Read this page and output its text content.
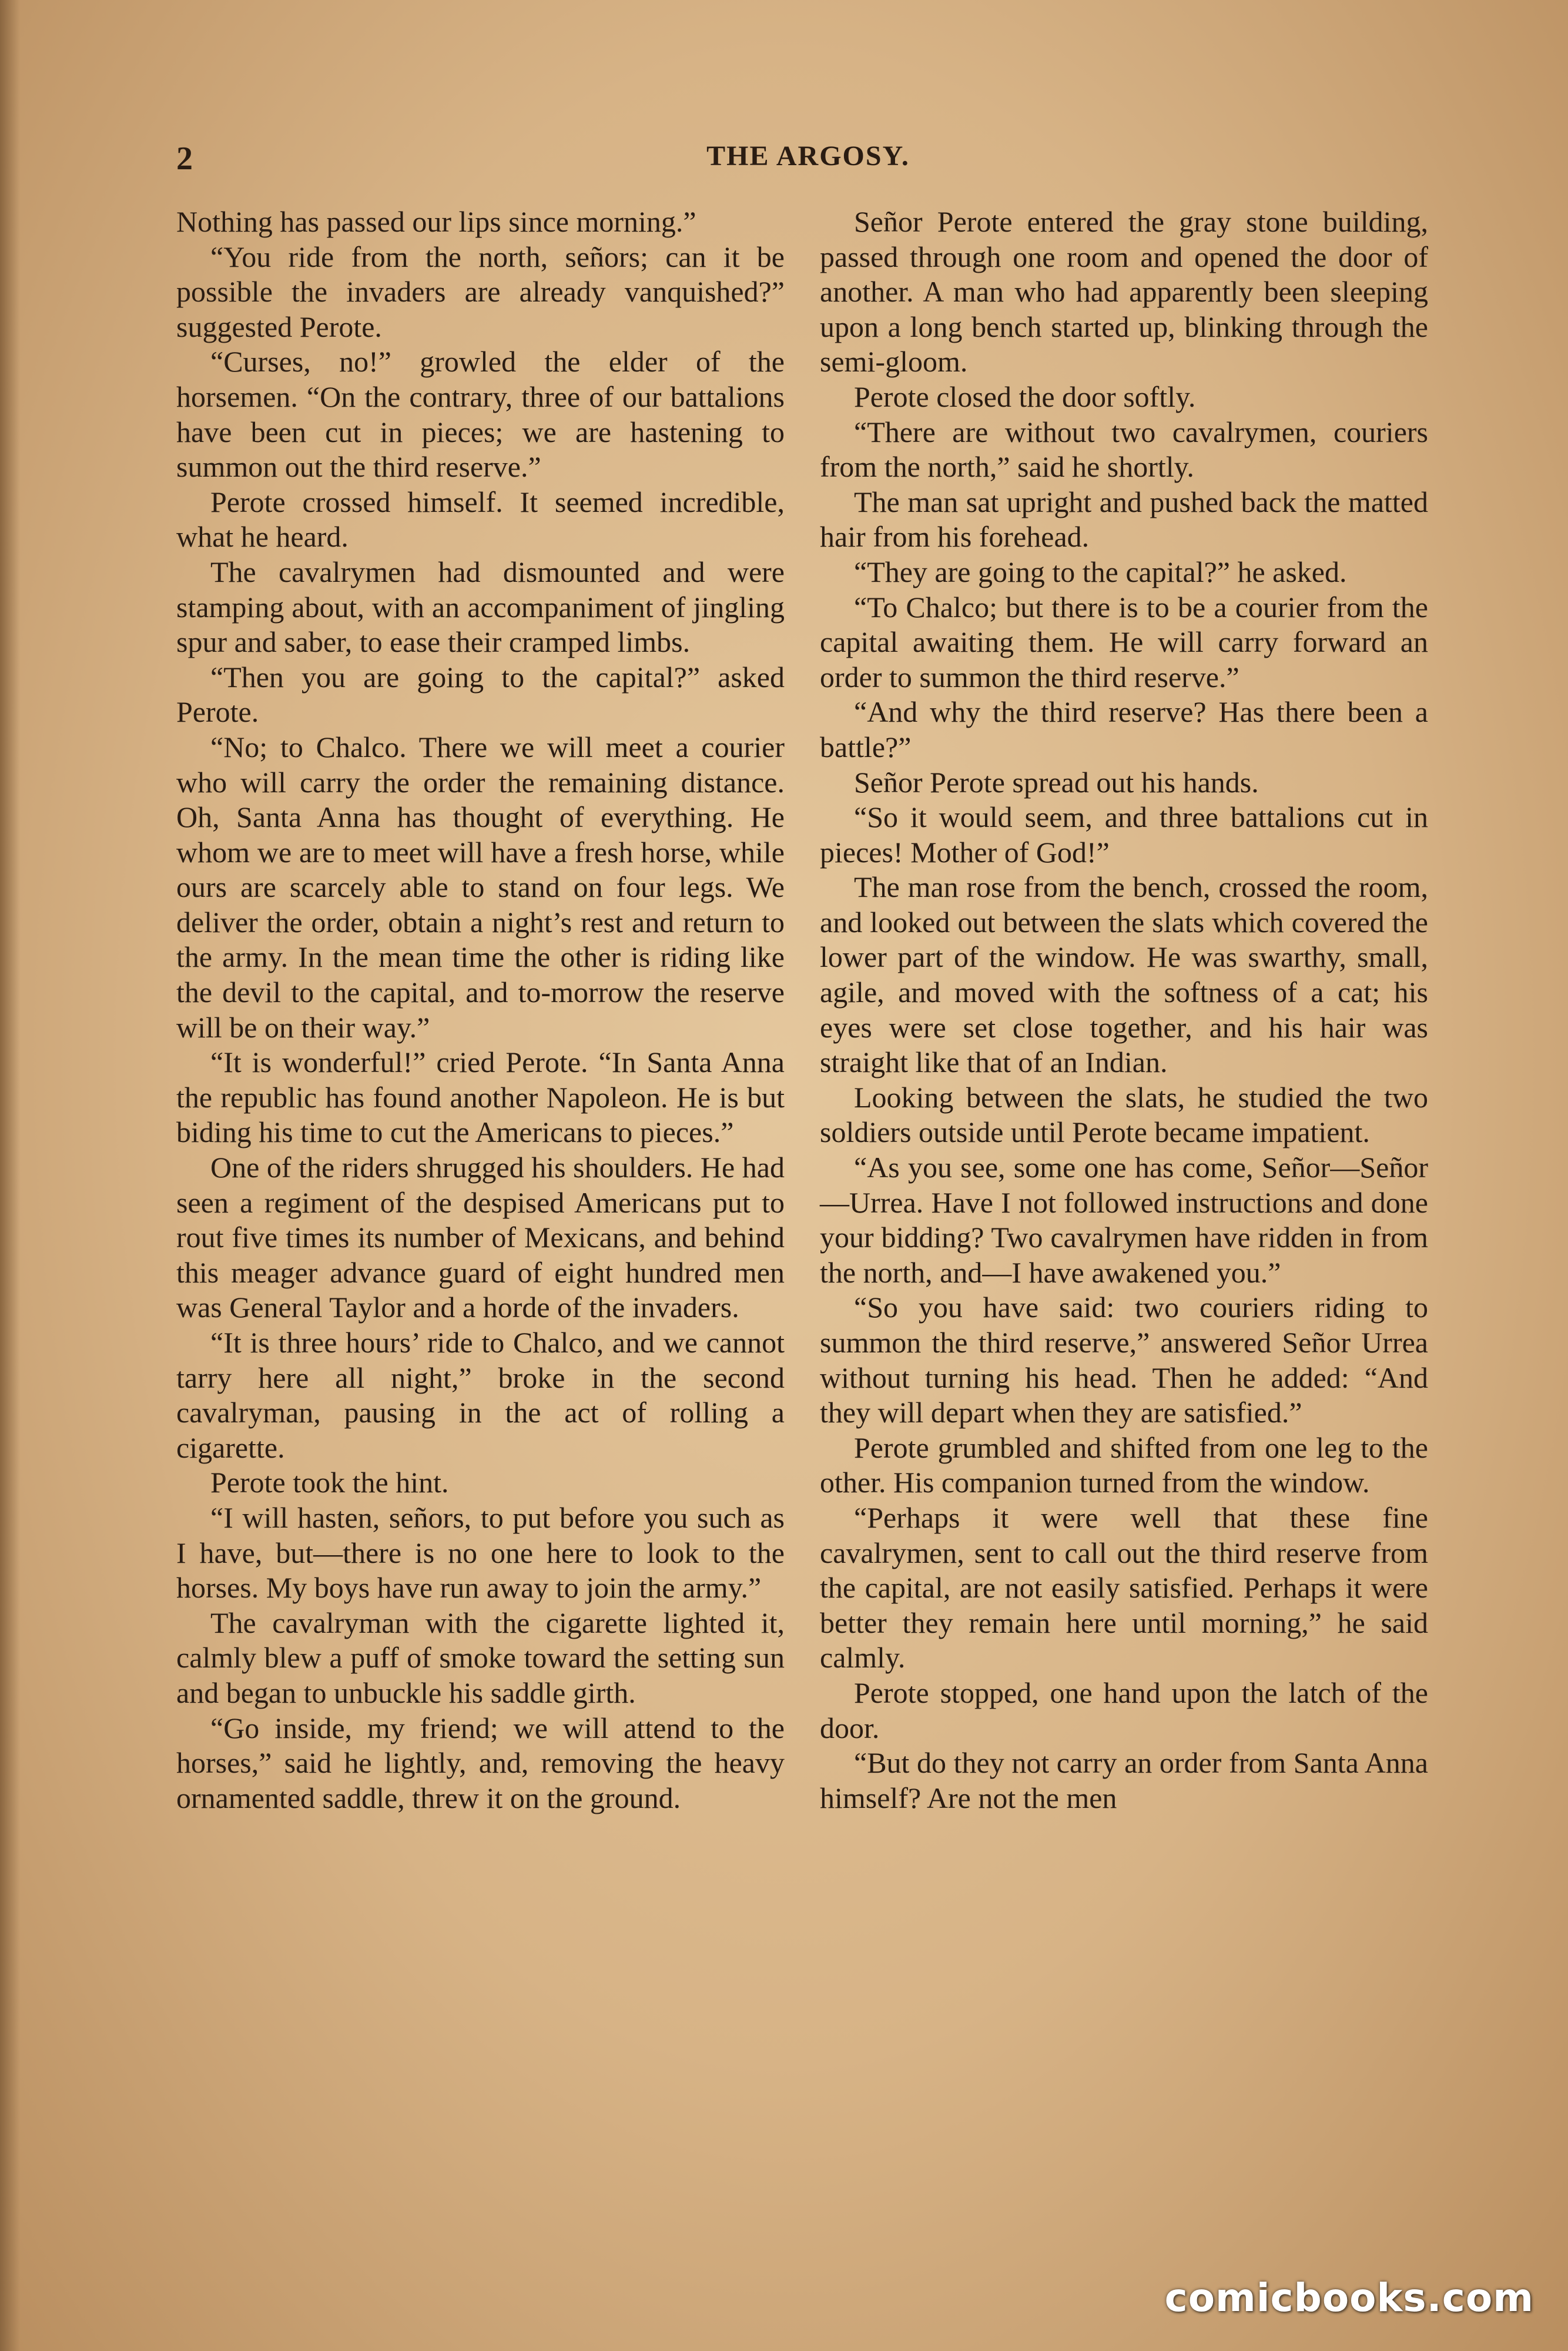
2	THE ARGOSY.

Nothing has passed our lips since morning.”

“You ride from the north, señors; can it be possible the invaders are already vanquished?” suggested Perote.

“Curses, no!” growled the elder of the horsemen. “On the contrary, three of our battalions have been cut in pieces; we are hastening to summon out the third reserve.”

Perote crossed himself. It seemed incredible, what he heard.

The cavalrymen had dismounted and were stamping about, with an accompaniment of jingling spur and saber, to ease their cramped limbs.

“Then you are going to the capital?” asked Perote.

“No; to Chalco. There we will meet a courier who will carry the order the remaining distance. Oh, Santa Anna has thought of everything. He whom we are to meet will have a fresh horse, while ours are scarcely able to stand on four legs. We deliver the order, obtain a night’s rest and return to the army. In the mean time the other is riding like the devil to the capital, and to-morrow the reserve will be on their way.”

“It is wonderful!” cried Perote. “In Santa Anna the republic has found another Napoleon. He is but biding his time to cut the Americans to pieces.”

One of the riders shrugged his shoulders. He had seen a regiment of the despised Americans put to rout five times its number of Mexicans, and behind this meager advance guard of eight hundred men was General Taylor and a horde of the invaders.

“It is three hours’ ride to Chalco, and we cannot tarry here all night,” broke in the second cavalryman, pausing in the act of rolling a cigarette.

Perote took the hint.

“I will hasten, señors, to put before you such as I have, but—there is no one here to look to the horses. My boys have run away to join the army.”

The cavalryman with the cigarette lighted it, calmly blew a puff of smoke toward the setting sun and began to unbuckle his saddle girth.

“Go inside, my friend; we will attend to the horses,” said he lightly, and, removing the heavy ornamented saddle, threw it on the ground.

Señor Perote entered the gray stone building, passed through one room and opened the door of another. A man who had apparently been sleeping upon a long bench started up, blinking through the semi-gloom.

Perote closed the door softly.

“There are without two cavalrymen, couriers from the north,” said he shortly.

The man sat upright and pushed back the matted hair from his forehead.

“They are going to the capital?” he asked.

“To Chalco; but there is to be a courier from the capital awaiting them. He will carry forward an order to summon the third reserve.”

“And why the third reserve? Has there been a battle?”

Señor Perote spread out his hands.

“So it would seem, and three battalions cut in pieces! Mother of God!”

The man rose from the bench, crossed the room, and looked out between the slats which covered the lower part of the window. He was swarthy, small, agile, and moved with the softness of a cat; his eyes were set close together, and his hair was straight like that of an Indian.

Looking between the slats, he studied the two soldiers outside until Perote became impatient.

“As you see, some one has come, Señor—Señor—Urrea. Have I not followed instructions and done your bidding? Two cavalrymen have ridden in from the north, and—I have awakened you.”

“So you have said: two couriers riding to summon the third reserve,” answered Señor Urrea without turning his head. Then he added: “And they will depart when they are satisfied.”

Perote grumbled and shifted from one leg to the other. His companion turned from the window.

“Perhaps it were well that these fine cavalrymen, sent to call out the third reserve from the capital, are not easily satisfied. Perhaps it were better they remain here until morning,” he said calmly.

Perote stopped, one hand upon the latch of the door.

“But do they not carry an order from Santa Anna himself? Are not the men

comicbooks.com
